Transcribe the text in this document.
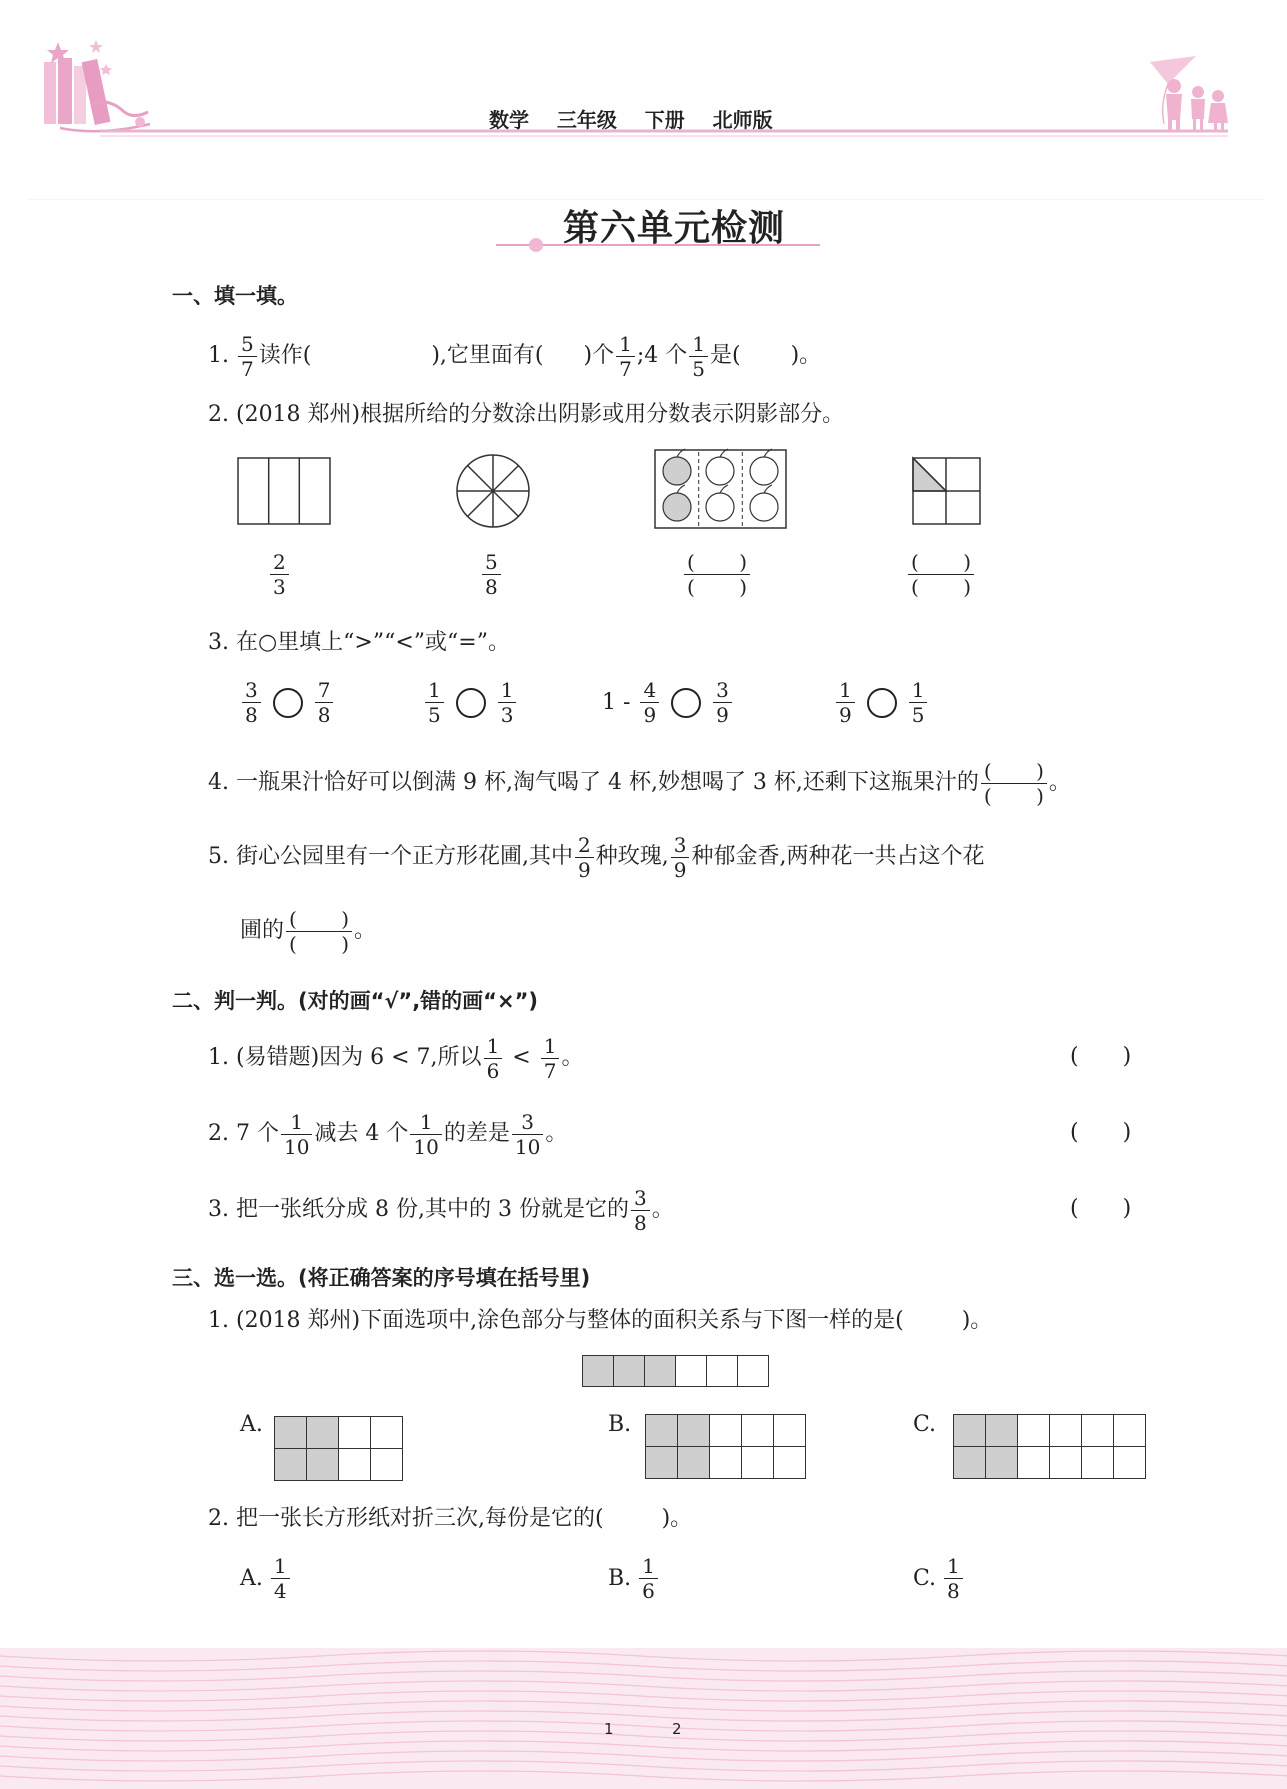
数学 三年级 下册 北师版
第六单元检测
一、填一填。
1.
$\frac{5}{7}$ 读作(	),它里面有( )个 $\frac{1}{7}$ ;4 个 $\frac{1}{5}$ 是( )。
2. (2018 郑州)根据所给的分数涂出阴影或用分数表示阴影部分。
$\frac{2}{3}$	$\frac{5}{8}$	$\frac{( )}{( )}$	$\frac{( )}{( )}$
3. 在○里填上“>”“<”或“=”。
$\frac{3}{8}$	$\frac{7}{8}$	$\frac{1}{5}$	$\frac{1}{3}$	$1 - \frac{4}{9}$	$\frac{3}{9}$	$\frac{1}{9}$	$\frac{1}{5}$
4. 一瓶果汁恰好可以倒满 9 杯,淘气喝了 4 杯,妙想喝了 3 杯,还剩下这瓶果汁的 $\frac{( )}{( )}$ 。
5. 街心公园里有一个正方形花圃,其中 $\frac{2}{9}$ 种玫瑰, $\frac{3}{9}$ 种郁金香,两种花一共占这个花
圃的 $\frac{( )}{( )}$ 。
二、判一判。(对的画“√”,错的画“×”)
1. (易错题)因为 6 < 7,所以 $\frac{1}{6} < \frac{1}{7}$ 。	( )
2. 7 个 $\frac{1}{10}$ 减去 4 个 $\frac{1}{10}$ 的差是 $\frac{3}{10}$ 。	( )
3. 把一张纸分成 8 份,其中的 3 份就是它的 $\frac{3}{8}$ 。	( )
三、选一选。(将正确答案的序号填在括号里)
1. (2018 郑州)下面选项中,涂色部分与整体的面积关系与下图一样的是(	)。

A.

				B.

					C.

2. 把一张长方形纸对折三次,每份是它的(	)。
A. $\frac{1}{4}$	B. $\frac{1}{6}$	C. $\frac{1}{8}$
1	2
